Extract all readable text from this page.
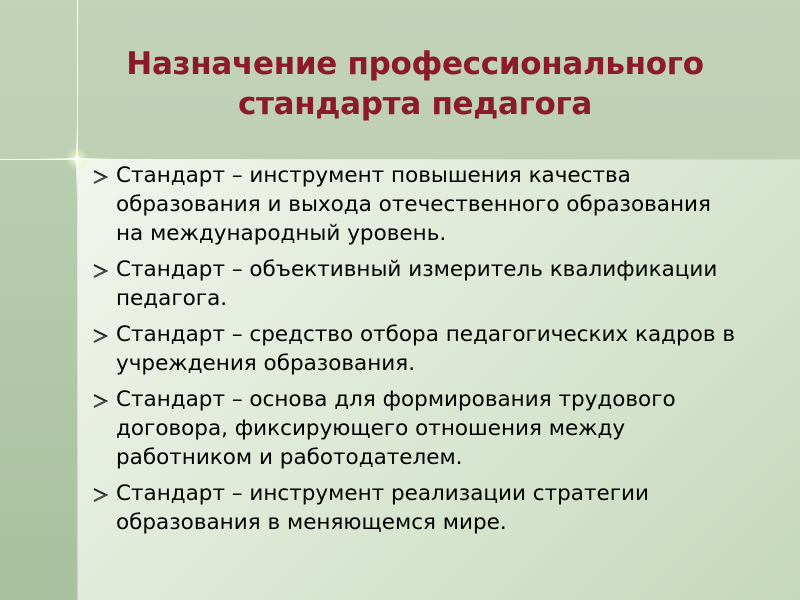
Назначение профессионального
стандарта педагога
Стандарт – инструмент повышения качества образования и выхода отечественного образования на международный уровень.
Стандарт – объективный измеритель квалификации педагога.
Стандарт – средство отбора педагогических кадров в учреждения образования.
Стандарт – основа для формирования трудового договора, фиксирующего отношения между работником и работодателем.
Стандарт – инструмент реализации стратегии образования в меняющемся мире.
